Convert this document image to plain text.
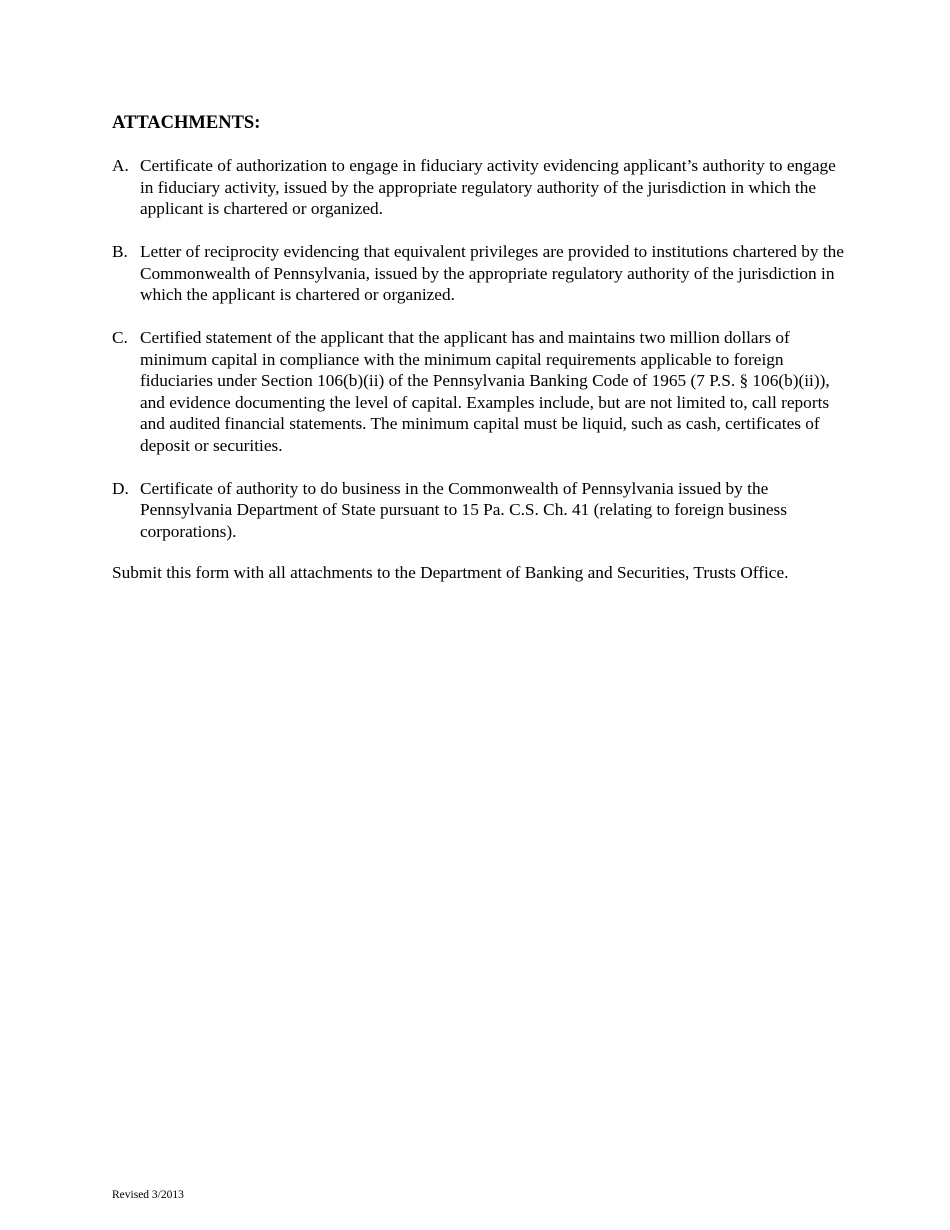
ATTACHMENTS:

A. Certificate of authorization to engage in fiduciary activity evidencing applicant’s authority to engage in fiduciary activity, issued by the appropriate regulatory authority of the jurisdiction in which the applicant is chartered or organized.
B. Letter of reciprocity evidencing that equivalent privileges are provided to institutions chartered by the Commonwealth of Pennsylvania, issued by the appropriate regulatory authority of the jurisdiction in which the applicant is chartered or organized.
C. Certified statement of the applicant that the applicant has and maintains two million dollars of minimum capital in compliance with the minimum capital requirements applicable to foreign fiduciaries under Section 106(b)(ii) of the Pennsylvania Banking Code of 1965 (7 P.S. § 106(b)(ii)), and evidence documenting the level of capital. Examples include, but are not limited to, call reports and audited financial statements. The minimum capital must be liquid, such as cash, certificates of deposit or securities.
D. Certificate of authority to do business in the Commonwealth of Pennsylvania issued by the Pennsylvania Department of State pursuant to 15 Pa. C.S. Ch. 41 (relating to foreign business corporations).

Submit this form with all attachments to the Department of Banking and Securities, Trusts Office.

Revised 3/2013
